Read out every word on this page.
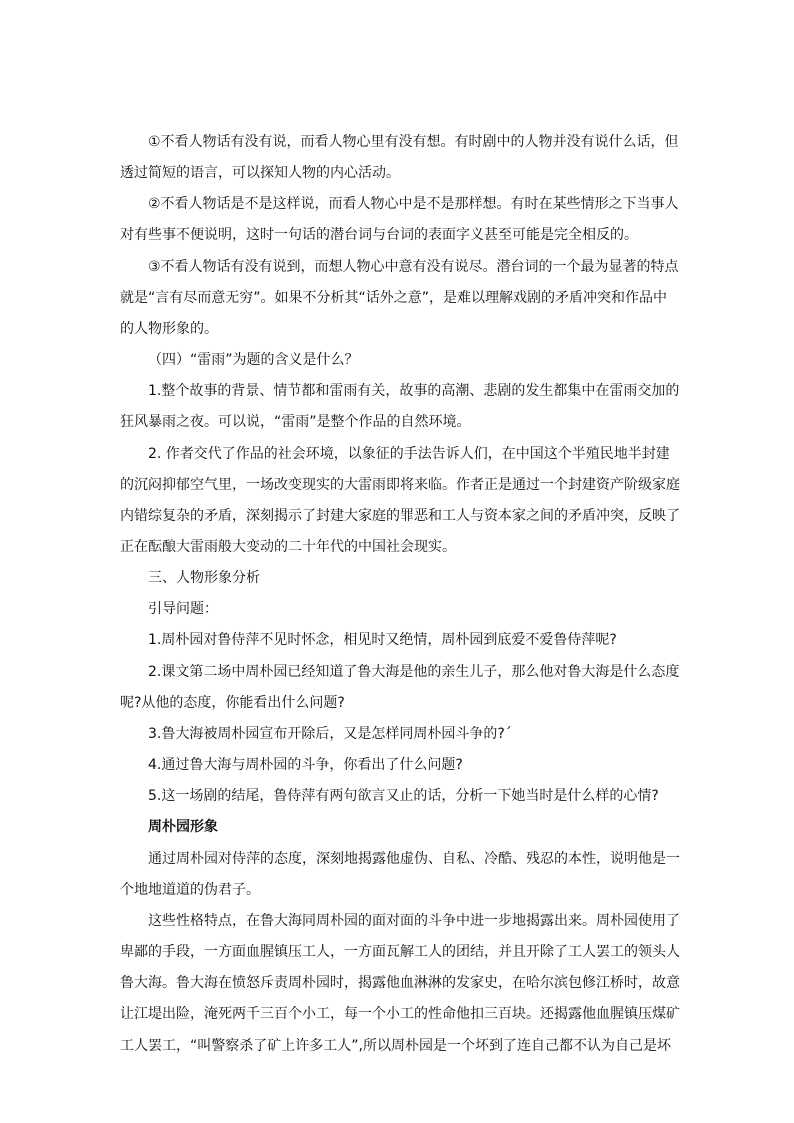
①不看人物话有没有说，而看人物心里有没有想。有时剧中的人物并没有说什么话，但
透过简短的语言，可以探知人物的内心活动。
②不看人物话是不是这样说，而看人物心中是不是那样想。有时在某些情形之下当事人
对有些事不便说明，这时一句话的潜台词与台词的表面字义甚至可能是完全相反的。
③不看人物话有没有说到，而想人物心中意有没有说尽。潜台词的一个最为显著的特点
就是“言有尽而意无穷”。如果不分析其“话外之意”，是难以理解戏剧的矛盾冲突和作品中
的人物形象的。
（四）“雷雨”为题的含义是什么？
1.整个故事的背景、情节都和雷雨有关，故事的高潮、悲剧的发生都集中在雷雨交加的
狂风暴雨之夜。可以说，“雷雨”是整个作品的自然环境。
2. 作者交代了作品的社会环境，以象征的手法告诉人们，在中国这个半殖民地半封建
的沉闷抑郁空气里，一场改变现实的大雷雨即将来临。作者正是通过一个封建资产阶级家庭
内错综复杂的矛盾，深刻揭示了封建大家庭的罪恶和工人与资本家之间的矛盾冲突，反映了
正在酝酿大雷雨般大变动的二十年代的中国社会现实。
三、人物形象分析
引导问题：
1.周朴园对鲁侍萍不见时怀念，相见时又绝情，周朴园到底爱不爱鲁侍萍呢?
2.课文第二场中周朴园已经知道了鲁大海是他的亲生儿子，那么他对鲁大海是什么态度
呢?从他的态度，你能看出什么问题?
3.鲁大海被周朴园宣布开除后，又是怎样同周朴园斗争的?ˊ
4.通过鲁大海与周朴园的斗争，你看出了什么问题?
5.这一场剧的结尾，鲁侍萍有两句欲言又止的话，分析一下她当时是什么样的心情?
周朴园形象
通过周朴园对侍萍的态度，深刻地揭露他虚伪、自私、冷酷、残忍的本性，说明他是一
个地地道道的伪君子。
这些性格特点，在鲁大海同周朴园的面对面的斗争中进一步地揭露出来。周朴园使用了
卑鄙的手段，一方面血腥镇压工人，一方面瓦解工人的团结，并且开除了工人罢工的领头人
鲁大海。鲁大海在愤怒斥责周朴园时，揭露他血淋淋的发家史，在哈尔滨包修江桥时，故意
让江堤出险，淹死两千三百个小工，每一个小工的性命他扣三百块。还揭露他血腥镇压煤矿
工人罢工，“叫警察杀了矿上许多工人”,所以周朴园是一个坏到了连自己都不认为自己是坏
